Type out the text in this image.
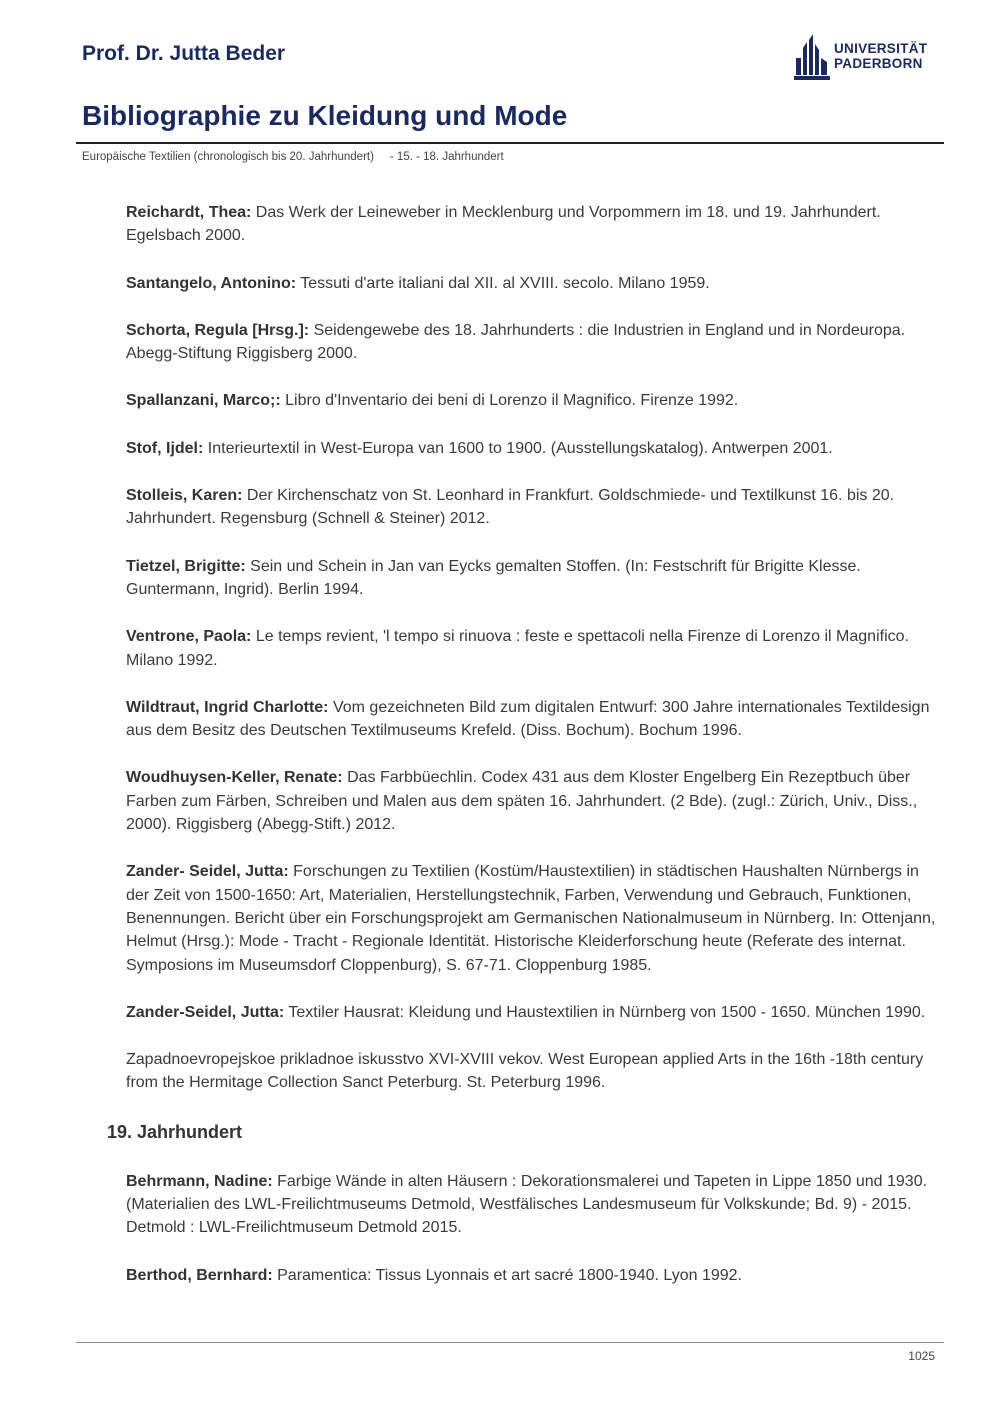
Prof. Dr. Jutta Beder	UNIVERSITÄT
PADERBORN
Bibliographie zu Kleidung und Mode
Europäische Textilien (chronologisch bis 20. Jahrhundert)     - 15. - 18. Jahrhundert
Reichardt, Thea: Das Werk der Leineweber in Mecklenburg und Vorpommern im 18. und 19. Jahrhundert. Egelsbach 2000.
Santangelo, Antonino: Tessuti d'arte italiani dal XII. al XVIII. secolo. Milano 1959.
Schorta, Regula [Hrsg.]: Seidengewebe des 18. Jahrhunderts : die Industrien in England und in Nordeuropa. Abegg-Stiftung Riggisberg 2000.
Spallanzani, Marco;: Libro d'Inventario dei beni di Lorenzo il Magnifico. Firenze 1992.
Stof, Ijdel: Interieurtextil in West-Europa van 1600 to 1900. (Ausstellungskatalog). Antwerpen 2001.
Stolleis, Karen: Der Kirchenschatz von St. Leonhard in Frankfurt. Goldschmiede- und Textilkunst 16. bis 20. Jahrhundert. Regensburg (Schnell & Steiner) 2012.
Tietzel, Brigitte: Sein und Schein in Jan van Eycks gemalten Stoffen. (In: Festschrift für Brigitte Klesse. Guntermann, Ingrid). Berlin 1994.
Ventrone, Paola: Le temps revient, 'l tempo si rinuova : feste e spettacoli nella Firenze di Lorenzo il Magnifico. Milano 1992.
Wildtraut, Ingrid Charlotte: Vom gezeichneten Bild zum digitalen Entwurf: 300 Jahre internationales Textildesign aus dem Besitz des Deutschen Textilmuseums Krefeld. (Diss. Bochum). Bochum 1996.
Woudhuysen-Keller, Renate: Das Farbbüechlin. Codex 431 aus dem Kloster Engelberg Ein Rezeptbuch über Farben zum Färben, Schreiben und Malen aus dem späten 16. Jahrhundert. (2 Bde). (zugl.: Zürich, Univ., Diss., 2000). Riggisberg (Abegg-Stift.) 2012.
Zander- Seidel, Jutta: Forschungen zu Textilien (Kostüm/Haustextilien) in städtischen Haushalten Nürnbergs in der Zeit von 1500-1650: Art, Materialien, Herstellungstechnik, Farben, Verwendung und Gebrauch, Funktionen, Benennungen. Bericht über ein Forschungsprojekt am Germanischen Nationalmuseum in Nürnberg. In: Ottenjann, Helmut (Hrsg.): Mode - Tracht - Regionale Identität. Historische Kleiderforschung heute (Referate des internat. Symposions im Museumsdorf Cloppenburg), S. 67-71. Cloppenburg 1985.
Zander-Seidel, Jutta: Textiler Hausrat: Kleidung und Haustextilien in Nürnberg von 1500 - 1650. München 1990.
Zapadnoevropejskoe prikladnoe iskusstvo XVI-XVIII vekov. West European applied Arts in the 16th -18th century from the Hermitage Collection Sanct Peterburg. St. Peterburg 1996.
19. Jahrhundert
Behrmann, Nadine: Farbige Wände in alten Häusern : Dekorationsmalerei und Tapeten in Lippe 1850 und 1930. (Materialien des LWL-Freilichtmuseums Detmold, Westfälisches Landesmuseum für Volkskunde; Bd. 9) - 2015. Detmold : LWL-Freilichtmuseum Detmold 2015.
Berthod, Bernhard: Paramentica: Tissus Lyonnais et art sacré 1800-1940. Lyon 1992.
1025
